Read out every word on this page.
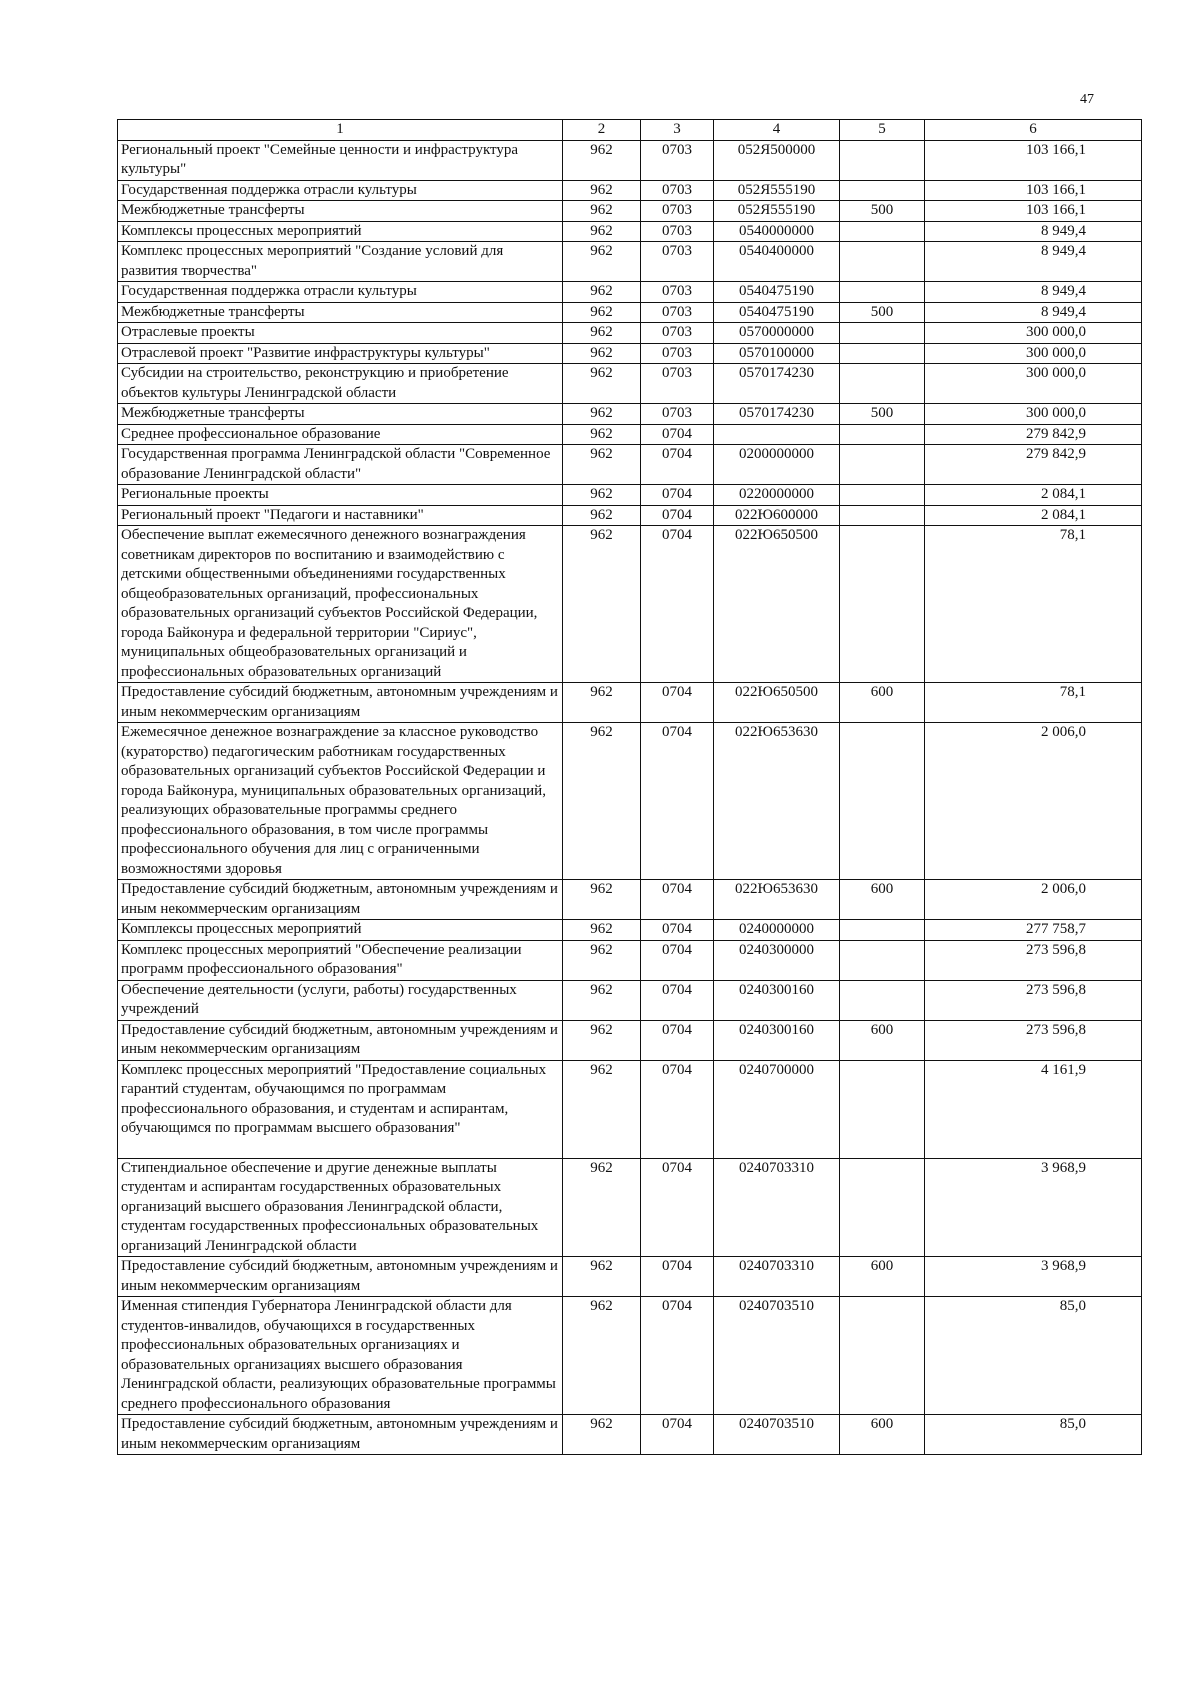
47
1	2	3	4	5	6
Региональный проект "Семейные ценности и инфраструктура культуры"	962	0703	052Я500000		103 166,1
Государственная поддержка отрасли культуры	962	0703	052Я555190		103 166,1
Межбюджетные трансферты	962	0703	052Я555190	500	103 166,1
Комплексы процессных мероприятий	962	0703	0540000000		8 949,4
Комплекс процессных мероприятий "Создание условий для развития творчества"	962	0703	0540400000		8 949,4
Государственная поддержка отрасли культуры	962	0703	0540475190		8 949,4
Межбюджетные трансферты	962	0703	0540475190	500	8 949,4
Отраслевые проекты	962	0703	0570000000		300 000,0
Отраслевой проект "Развитие инфраструктуры культуры"	962	0703	0570100000		300 000,0
Субсидии на строительство, реконструкцию и приобретение объектов культуры Ленинградской области	962	0703	0570174230		300 000,0
Межбюджетные трансферты	962	0703	0570174230	500	300 000,0
Среднее профессиональное образование	962	0704			279 842,9
Государственная программа Ленинградской области "Современное образование Ленинградской области"	962	0704	0200000000		279 842,9
Региональные проекты	962	0704	0220000000		2 084,1
Региональный проект "Педагоги и наставники"	962	0704	022Ю600000		2 084,1
Обеспечение выплат ежемесячного денежного вознаграждения советникам директоров по воспитанию и взаимодействию с детскими общественными объединениями государственных общеобразовательных организаций, профессиональных образовательных организаций субъектов Российской Федерации, города Байконура и федеральной территории "Сириус", муниципальных общеобразовательных организаций и профессиональных образовательных организаций	962	0704	022Ю650500		78,1
Предоставление субсидий бюджетным, автономным учреждениям и иным некоммерческим организациям	962	0704	022Ю650500	600	78,1
Ежемесячное денежное вознаграждение за классное руководство (кураторство) педагогическим работникам государственных образовательных организаций субъектов Российской Федерации и города Байконура, муниципальных образовательных организаций, реализующих образовательные программы среднего профессионального образования, в том числе программы профессионального обучения для лиц с ограниченными возможностями здоровья	962	0704	022Ю653630		2 006,0
Предоставление субсидий бюджетным, автономным учреждениям и иным некоммерческим организациям	962	0704	022Ю653630	600	2 006,0
Комплексы процессных мероприятий	962	0704	0240000000		277 758,7
Комплекс процессных мероприятий "Обеспечение реализации программ профессионального образования"	962	0704	0240300000		273 596,8
Обеспечение деятельности (услуги, работы) государственных учреждений	962	0704	0240300160		273 596,8
Предоставление субсидий бюджетным, автономным учреждениям и иным некоммерческим организациям	962	0704	0240300160	600	273 596,8
Комплекс процессных мероприятий "Предоставление социальных гарантий студентам, обучающимся по программам профессионального образования, и студентам и аспирантам, обучающимся по программам высшего образования"	962	0704	0240700000		4 161,9
Стипендиальное обеспечение и другие денежные выплаты студентам и аспирантам государственных образовательных организаций высшего образования Ленинградской области, студентам государственных профессиональных образовательных организаций Ленинградской области	962	0704	0240703310		3 968,9
Предоставление субсидий бюджетным, автономным учреждениям и иным некоммерческим организациям	962	0704	0240703310	600	3 968,9
Именная стипендия Губернатора Ленинградской области для студентов-инвалидов, обучающихся в государственных профессиональных образовательных организациях и образовательных организациях высшего образования Ленинградской области, реализующих образовательные программы среднего профессионального образования	962	0704	0240703510		85,0
Предоставление субсидий бюджетным, автономным учреждениям и иным некоммерческим организациям	962	0704	0240703510	600	85,0
